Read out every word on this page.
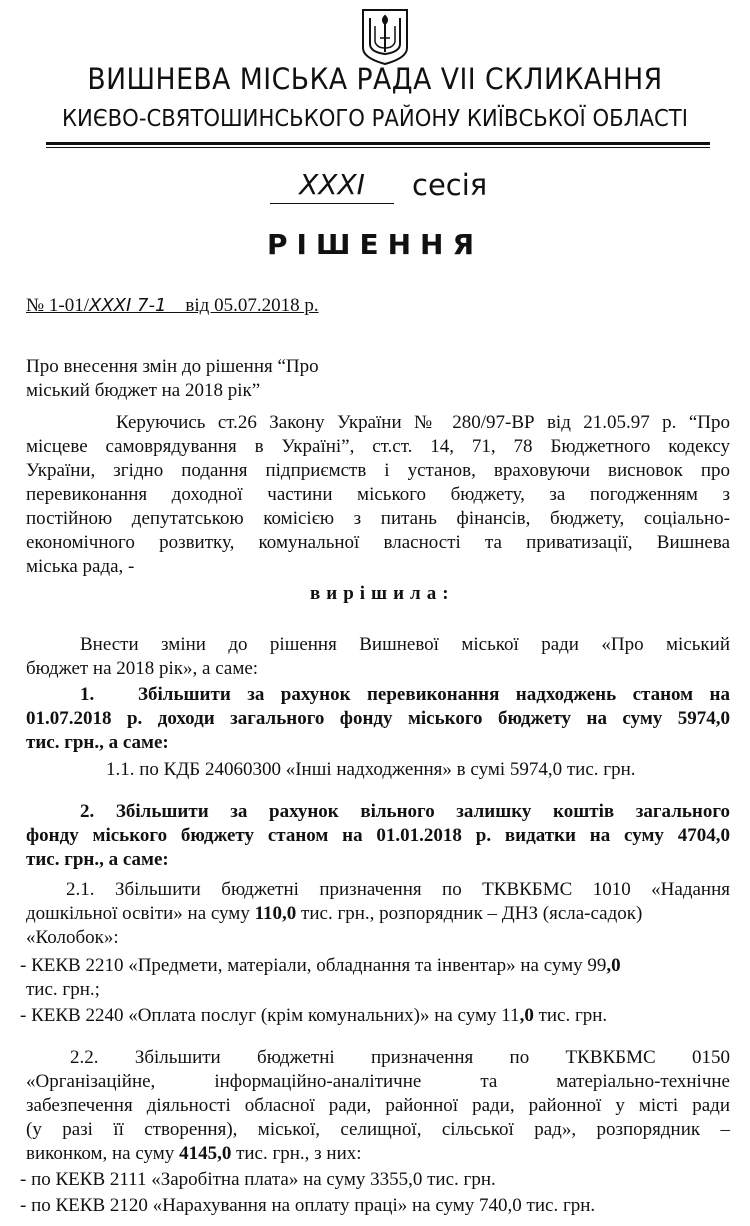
ВИШНЕВА МІСЬКА РАДА VII СКЛИКАННЯ
КИЄВО-СВЯТОШИНСЬКОГО РАЙОНУ КИЇВСЬКОЇ ОБЛАСТІ
XXXI	сесія
РІШЕННЯ
№ 1-01/XXXI 7-1 від 05.07.2018 р.
Про внесення змін до рішення “Про
міський бюджет на 2018 рік”
Керуючись ст.26 Закону України № 280/97-ВР від 21.05.97 р. “Про
місцеве самоврядування в Україні”, ст.ст. 14, 71, 78 Бюджетного кодексу
України, згідно подання підприємств і установ, враховуючи висновок про
перевиконання доходної частини міського бюджету, за погодженням з
постійною депутатською комісією з питань фінансів, бюджету, соціально-
економічного розвитку, комунальної власності та приватизації, Вишнева
міська рада, -
вирішила:
Внести зміни до рішення Вишневої міської ради «Про міський
бюджет на 2018 рік», а саме:
1. Збільшити за рахунок перевиконання надходжень станом на
01.07.2018 р. доходи загального фонду міського бюджету на суму 5974,0
тис. грн., а саме:
1.1. по КДБ 24060300 «Інші надходження» в сумі 5974,0 тис. грн.
2. Збільшити за рахунок вільного залишку коштів загального
фонду міського бюджету станом на 01.01.2018 р. видатки на суму 4704,0
тис. грн., а саме:
2.1. Збільшити бюджетні призначення по ТКВКБМС 1010 «Надання
дошкільної освіти» на суму 110,0 тис. грн., розпорядник – ДНЗ (ясла-садок)
«Колобок»:
- КЕКВ 2210 «Предмети, матеріали, обладнання та інвентар» на суму 99,0
тис. грн.;
- КЕКВ 2240 «Оплата послуг (крім комунальних)» на суму 11,0 тис. грн.
2.2. Збільшити бюджетні призначення по ТКВКБМС 0150
«Організаційне, інформаційно-аналітичне та матеріально-технічне
забезпечення діяльності обласної ради, районної ради, районної у місті ради
(у разі її створення), міської, селищної, сільської рад», розпорядник –
виконком, на суму 4145,0 тис. грн., з них:
- по КЕКВ 2111 «Заробітна плата» на суму 3355,0 тис. грн.
- по КЕКВ 2120 «Нарахування на оплату праці» на суму 740,0 тис. грн.
